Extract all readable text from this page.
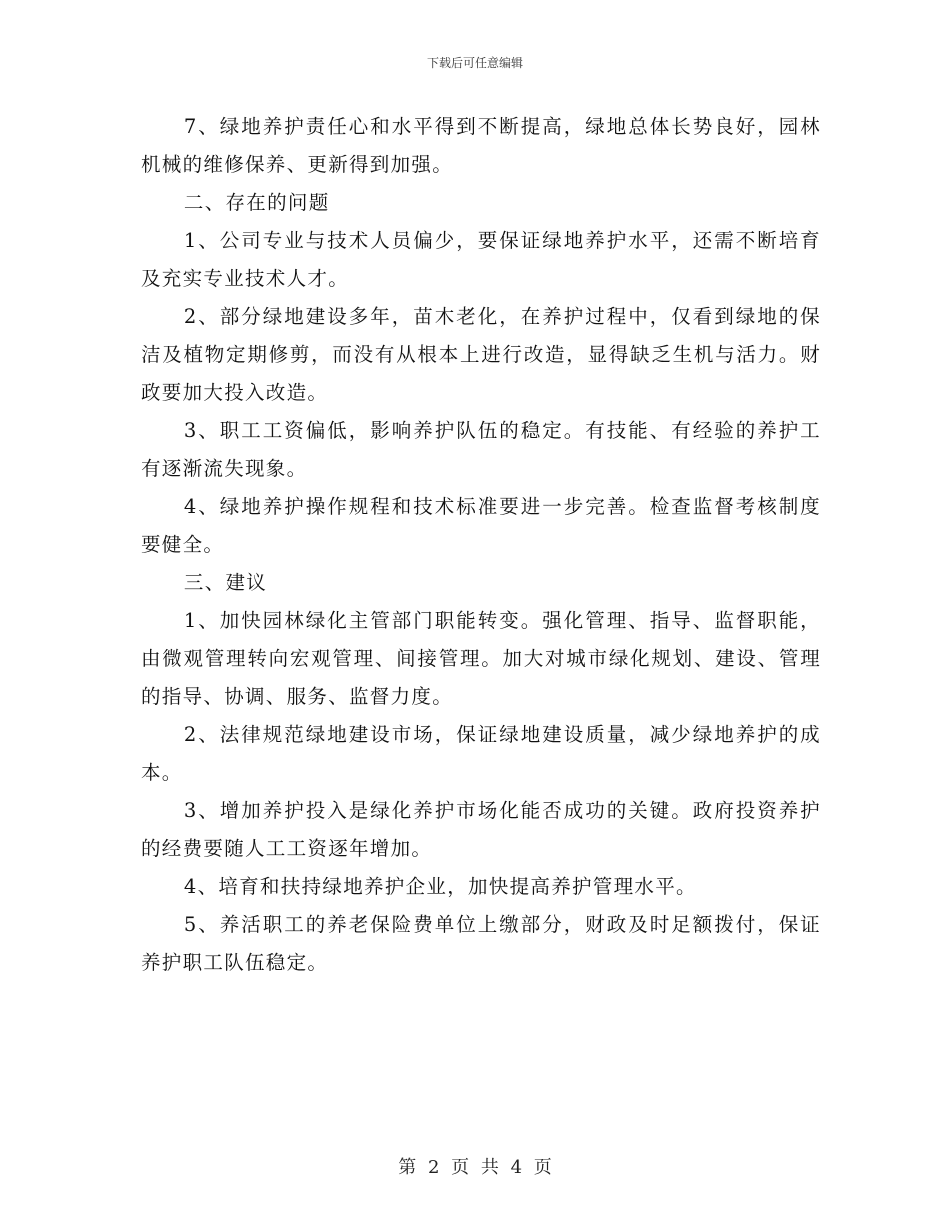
下载后可任意编辑

7、绿地养护责任心和水平得到不断提高，绿地总体长势良好，园林机械的维修保养、更新得到加强。

二、存在的问题

1、公司专业与技术人员偏少，要保证绿地养护水平，还需不断培育及充实专业技术人才。

2、部分绿地建设多年，苗木老化，在养护过程中，仅看到绿地的保洁及植物定期修剪，而没有从根本上进行改造，显得缺乏生机与活力。财政要加大投入改造。

3、职工工资偏低，影响养护队伍的稳定。有技能、有经验的养护工有逐渐流失现象。

4、绿地养护操作规程和技术标准要进一步完善。检查监督考核制度要健全。

三、建议

1、加快园林绿化主管部门职能转变。强化管理、指导、监督职能，由微观管理转向宏观管理、间接管理。加大对城市绿化规划、建设、管理的指导、协调、服务、监督力度。

2、法律规范绿地建设市场，保证绿地建设质量，减少绿地养护的成本。

3、增加养护投入是绿化养护市场化能否成功的关键。政府投资养护的经费要随人工工资逐年增加。

4、培育和扶持绿地养护企业，加快提高养护管理水平。

5、养活职工的养老保险费单位上缴部分，财政及时足额拨付，保证养护职工队伍稳定。

第 2 页 共 4 页
